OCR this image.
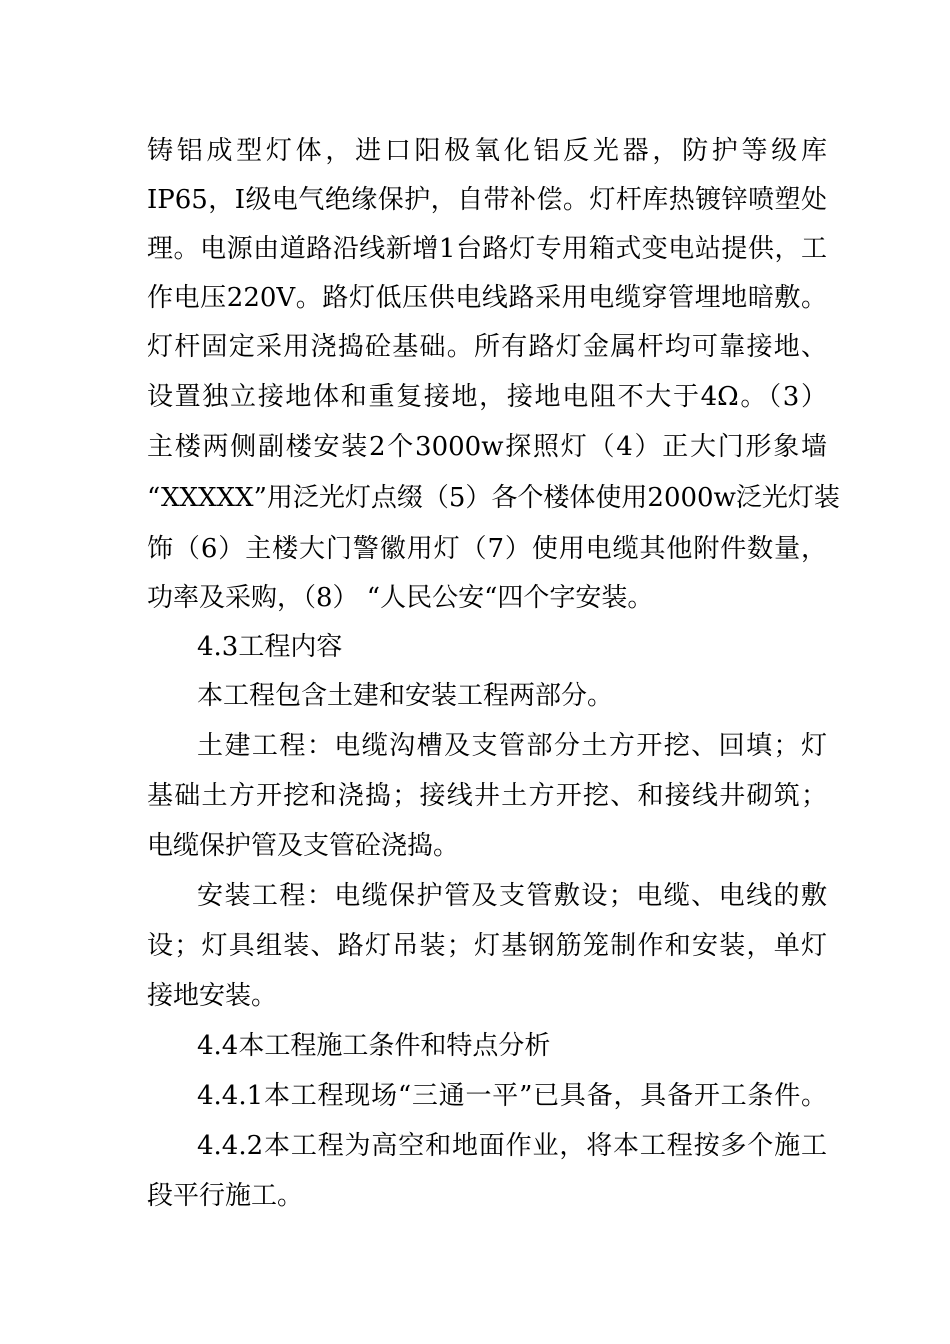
铸铝成型灯体，进口阳极氧化铝反光器，防护等级库
IP65，I级电气绝缘保护，自带补偿。灯杆库热镀锌喷塑处
理。电源由道路沿线新增1台路灯专用箱式变电站提供，工
作电压220V。路灯低压供电线路采用电缆穿管埋地暗敷。
灯杆固定采用浇捣砼基础。所有路灯金属杆均可靠接地、
设置独立接地体和重复接地，接地电阻不大于4Ω。（3）
主楼两侧副楼安装2个3000w探照灯（4）正大门形象墙
“XXXXX”用泛光灯点缀（5）各个楼体使用2000w泛光灯装
饰（6）主楼大门警徽用灯（7）使用电缆其他附件数量，
功率及采购，（8） “人民公安“四个字安装。
4.3工程内容
本工程包含土建和安装工程两部分。
土建工程：电缆沟槽及支管部分土方开挖、回填；灯
基础土方开挖和浇捣；接线井土方开挖、和接线井砌筑；
电缆保护管及支管砼浇捣。
安装工程：电缆保护管及支管敷设；电缆、电线的敷
设；灯具组装、路灯吊装；灯基钢筋笼制作和安装，单灯
接地安装。
4.4本工程施工条件和特点分析
4.4.1本工程现场“三通一平”已具备，具备开工条件。
4.4.2本工程为高空和地面作业，将本工程按多个施工
段平行施工。
